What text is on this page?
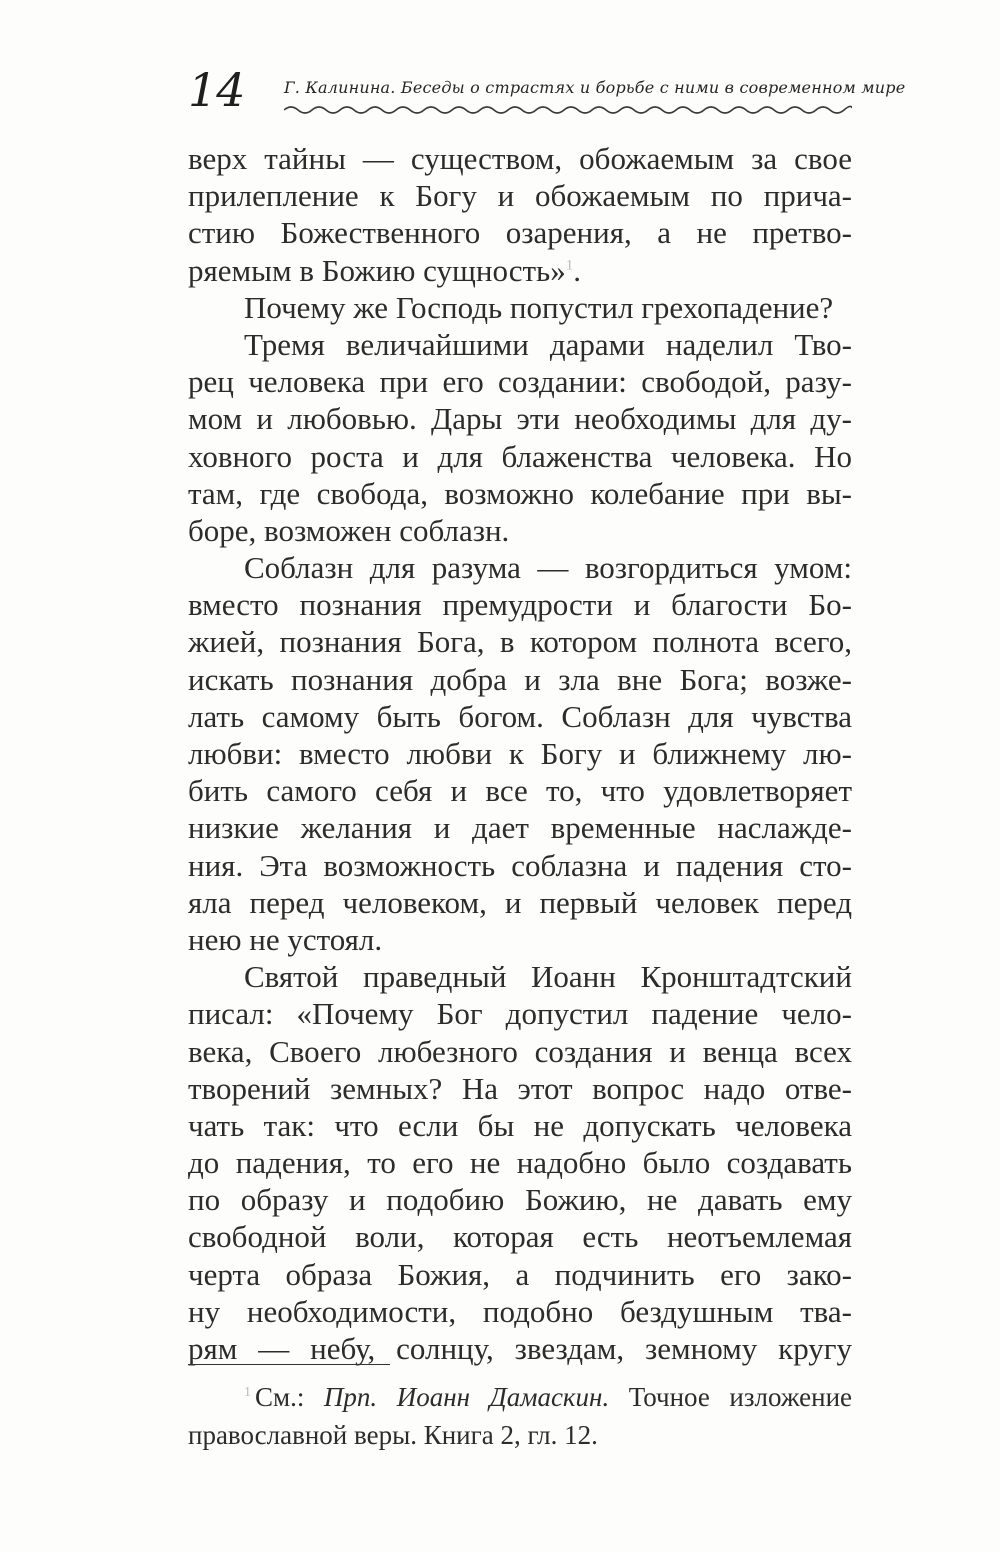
14 Г. Калинина. Беседы о страстях и борьбе с ними в современном мире
верх тайны — существом, обожаемым за свое
прилепление к Богу и обожаемым по прича-
стию Божественного озарения, а не претво-
ряемым в Божию сущность»$^1$.
Почему же Господь попустил грехопадение?
Тремя величайшими дарами наделил Тво-
рец человека при его создании: свободой, разу-
мом и любовью. Дары эти необходимы для ду-
ховного роста и для блаженства человека. Но
там, где свобода, возможно колебание при вы-
боре, возможен соблазн.
Соблазн для разума — возгордиться умом:
вместо познания премудрости и благости Бо-
жией, познания Бога, в котором полнота всего,
искать познания добра и зла вне Бога; возже-
лать самому быть богом. Соблазн для чувства
любви: вместо любви к Богу и ближнему лю-
бить самого себя и все то, что удовлетворяет
низкие желания и дает временные наслажде-
ния. Эта возможность соблазна и падения сто-
яла перед человеком, и первый человек перед
нею не устоял.
Святой праведный Иоанн Кронштадтский
писал: «Почему Бог допустил падение чело-
века, Своего любезного создания и венца всех
творений земных? На этот вопрос надо отве-
чать так: что если бы не допускать человека
до падения, то его не надобно было создавать
по образу и подобию Божию, не давать ему
свободной воли, которая есть неотъемлемая
черта образа Божия, а подчинить его зако-
ну необходимости, подобно бездушным тва-
рям — небу, солнцу, звездам, земному кругу
$^1$ См.: Прп. Иоанн Дамаскин. Точное изложение
православной веры. Книга 2, гл. 12.
